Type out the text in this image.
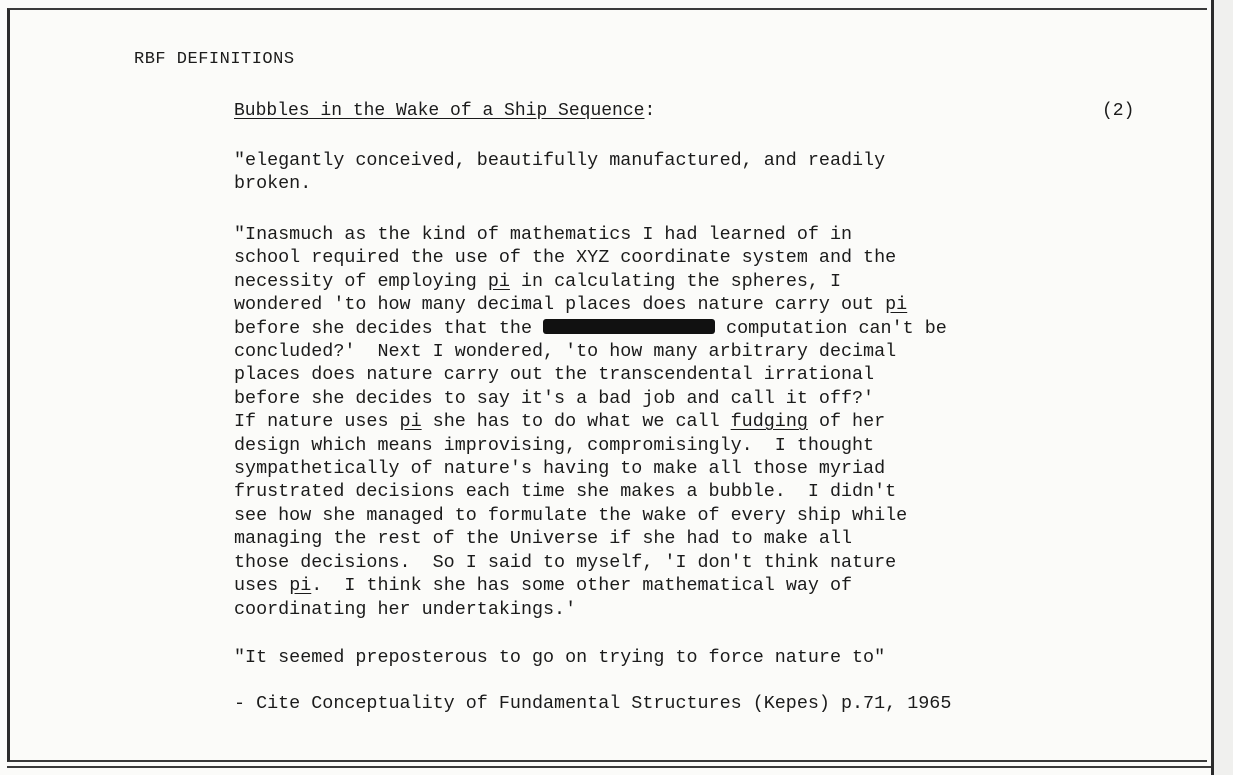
RBF DEFINITIONS
Bubbles in the Wake of a Ship Sequence:	(2)
"elegantly conceived, beautifully manufactured, and readily
broken.
"Inasmuch as the kind of mathematics I had learned of in
school required the use of the XYZ coordinate system and the
necessity of employing pi in calculating the spheres, I
wondered 'to how many decimal places does nature carry out pi
before she decides that the	computation can't be
concluded?'  Next I wondered, 'to how many arbitrary decimal
places does nature carry out the transcendental irrational
before she decides to say it's a bad job and call it off?'
If nature uses pi she has to do what we call fudging of her
design which means improvising, compromisingly.  I thought
sympathetically of nature's having to make all those myriad
frustrated decisions each time she makes a bubble.  I didn't
see how she managed to formulate the wake of every ship while
managing the rest of the Universe if she had to make all
those decisions.  So I said to myself, 'I don't think nature
uses pi.  I think she has some other mathematical way of
coordinating her undertakings.'
"It seemed preposterous to go on trying to force nature to"
- Cite Conceptuality of Fundamental Structures (Kepes) p.71, 1965
